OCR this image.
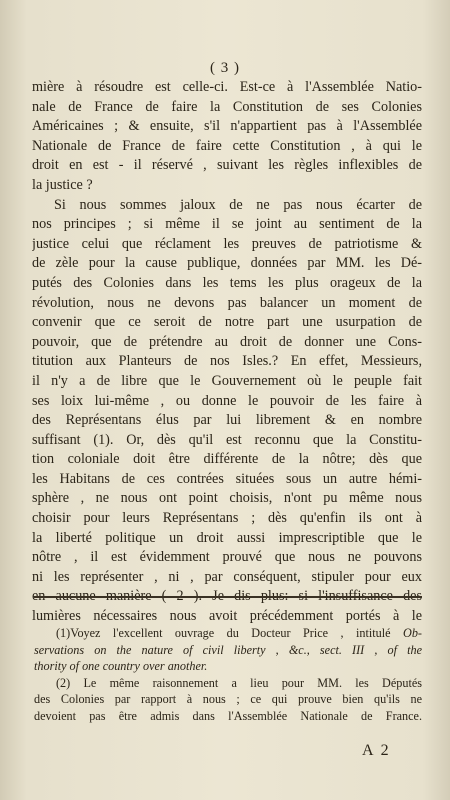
( 3 )
mière à résoudre est celle-ci. Est-ce à l'Assemblée Natio-
nale de France de faire la Constitution de ses Colonies
Américaines ; & ensuite, s'il n'appartient pas à l'Assemblée
Nationale de France de faire cette Constitution , à qui le
droit en est - il réservé , suivant les règles inflexibles de
la justice ?
Si nous sommes jaloux de ne pas nous écarter de
nos principes ; si même il se joint au sentiment de la
justice celui que réclament les preuves de patriotisme &
de zèle pour la cause publique, données par MM. les Dé-
putés des Colonies dans les tems les plus orageux de la
révolution, nous ne devons pas balancer un moment de
convenir que ce seroit de notre part une usurpation de
pouvoir, que de prétendre au droit de donner une Cons-
titution aux Planteurs de nos Isles.? En effet, Messieurs,
il n'y a de libre que le Gouvernement où le peuple fait
ses loix lui-même , ou donne le pouvoir de les faire à
des Représentans élus par lui librement & en nombre
suffisant (1). Or, dès qu'il est reconnu que la Constitu-
tion coloniale doit être différente de la nôtre; dès que
les Habitans de ces contrées situées sous un autre hémi-
sphère , ne nous ont point choisis, n'ont pu même nous
choisir pour leurs Représentans ; dès qu'enfin ils ont à
la liberté politique un droit aussi imprescriptible que le
nôtre , il est évidemment prouvé que nous ne pouvons
ni les représenter , ni , par conséquent, stipuler pour eux
en aucune manière ( 2 ). Je dis plus: si l'insuffisance des
lumières nécessaires nous avoit précédemment portés à le
(1)Voyez l'excellent ouvrage du Docteur Price , intitulé Ob-
servations on the nature of civil liberty , &c., sect. III , of the
thority of one country over another.
(2) Le même raisonnement a lieu pour MM. les Députés
des Colonies par rapport à nous ; ce qui prouve bien qu'ils ne
devoient pas être admis dans l'Assemblée Nationale de France.
A 2
